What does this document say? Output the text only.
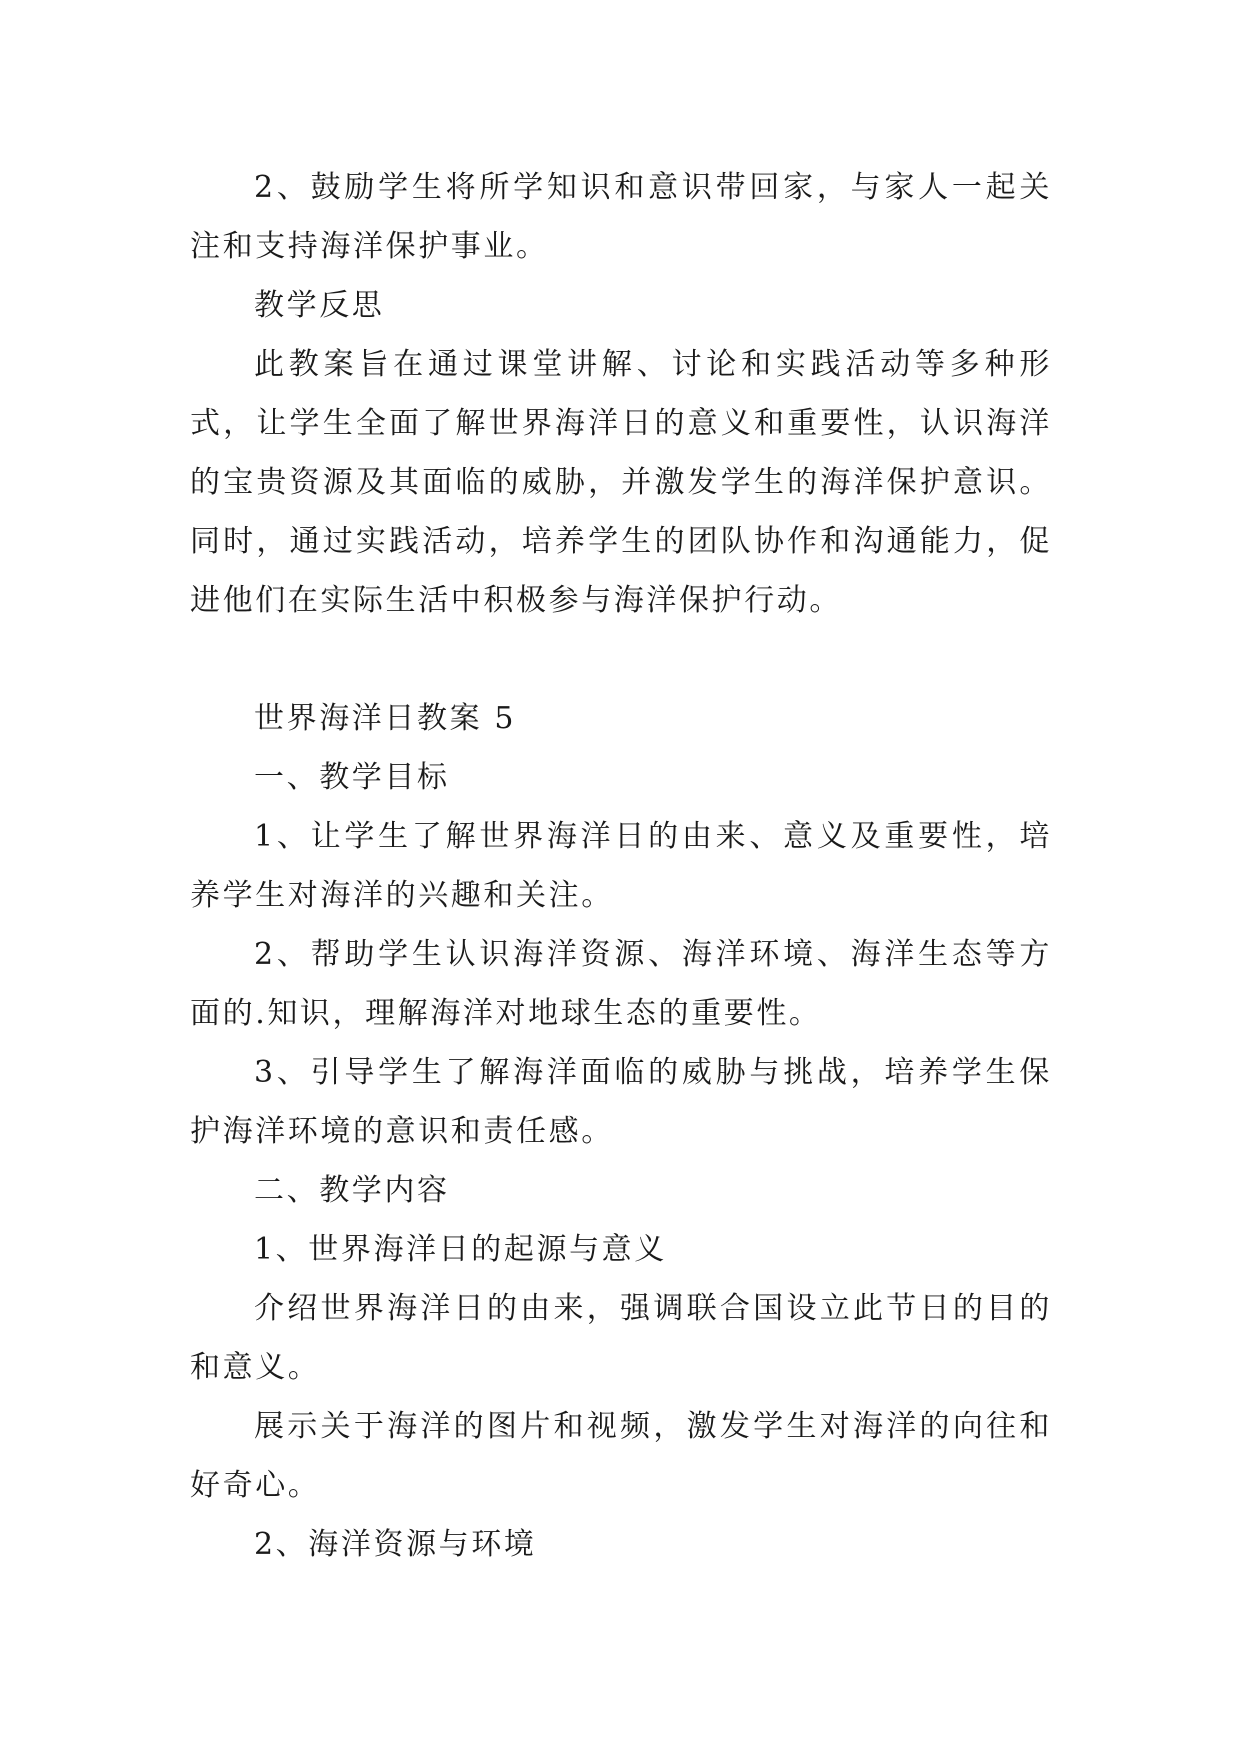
2、鼓励学生将所学知识和意识带回家，与家人一起关注和支持海洋保护事业。

教学反思

此教案旨在通过课堂讲解、讨论和实践活动等多种形式，让学生全面了解世界海洋日的意义和重要性，认识海洋的宝贵资源及其面临的威胁，并激发学生的海洋保护意识。同时，通过实践活动，培养学生的团队协作和沟通能力，促进他们在实际生活中积极参与海洋保护行动。

世界海洋日教案 5

一、教学目标

1、让学生了解世界海洋日的由来、意义及重要性，培养学生对海洋的兴趣和关注。

2、帮助学生认识海洋资源、海洋环境、海洋生态等方面的.知识，理解海洋对地球生态的重要性。

3、引导学生了解海洋面临的威胁与挑战，培养学生保护海洋环境的意识和责任感。

二、教学内容

1、世界海洋日的起源与意义

介绍世界海洋日的由来，强调联合国设立此节日的目的和意义。

展示关于海洋的图片和视频，激发学生对海洋的向往和好奇心。

2、海洋资源与环境
